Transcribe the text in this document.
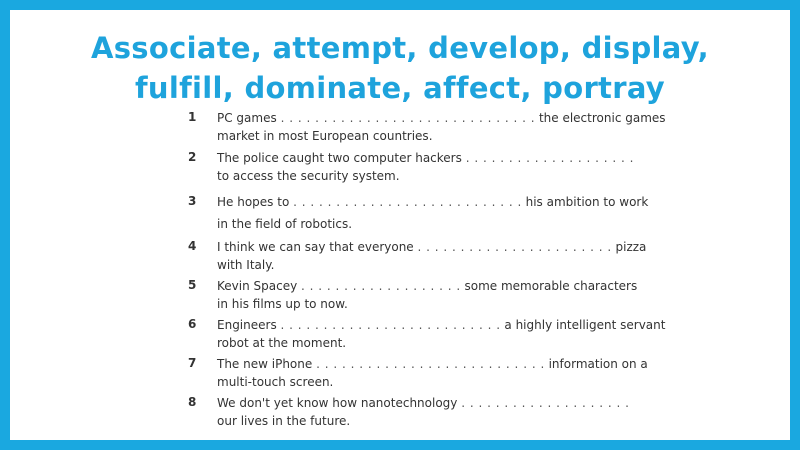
Associate, attempt, develop, display,
fulfill, dominate, affect, portray
1	PC games . . . . . . . . . . . . . . . . . . . . . . . . . . . . . . the electronic games
market in most European countries.
2	The police caught two computer hackers . . . . . . . . . . . . . . . . . . . .
to access the security system.
3	He hopes to . . . . . . . . . . . . . . . . . . . . . . . . . . . his ambition to work
in the field of robotics.
4	I think we can say that everyone . . . . . . . . . . . . . . . . . . . . . . . pizza
with Italy.
5	Kevin Spacey . . . . . . . . . . . . . . . . . . . some memorable characters
in his films up to now.
6	Engineers . . . . . . . . . . . . . . . . . . . . . . . . . . a highly intelligent servant
robot at the moment.
7	The new iPhone . . . . . . . . . . . . . . . . . . . . . . . . . . . information on a
multi-touch screen.
8	We don't yet know how nanotechnology . . . . . . . . . . . . . . . . . . . .
our lives in the future.
